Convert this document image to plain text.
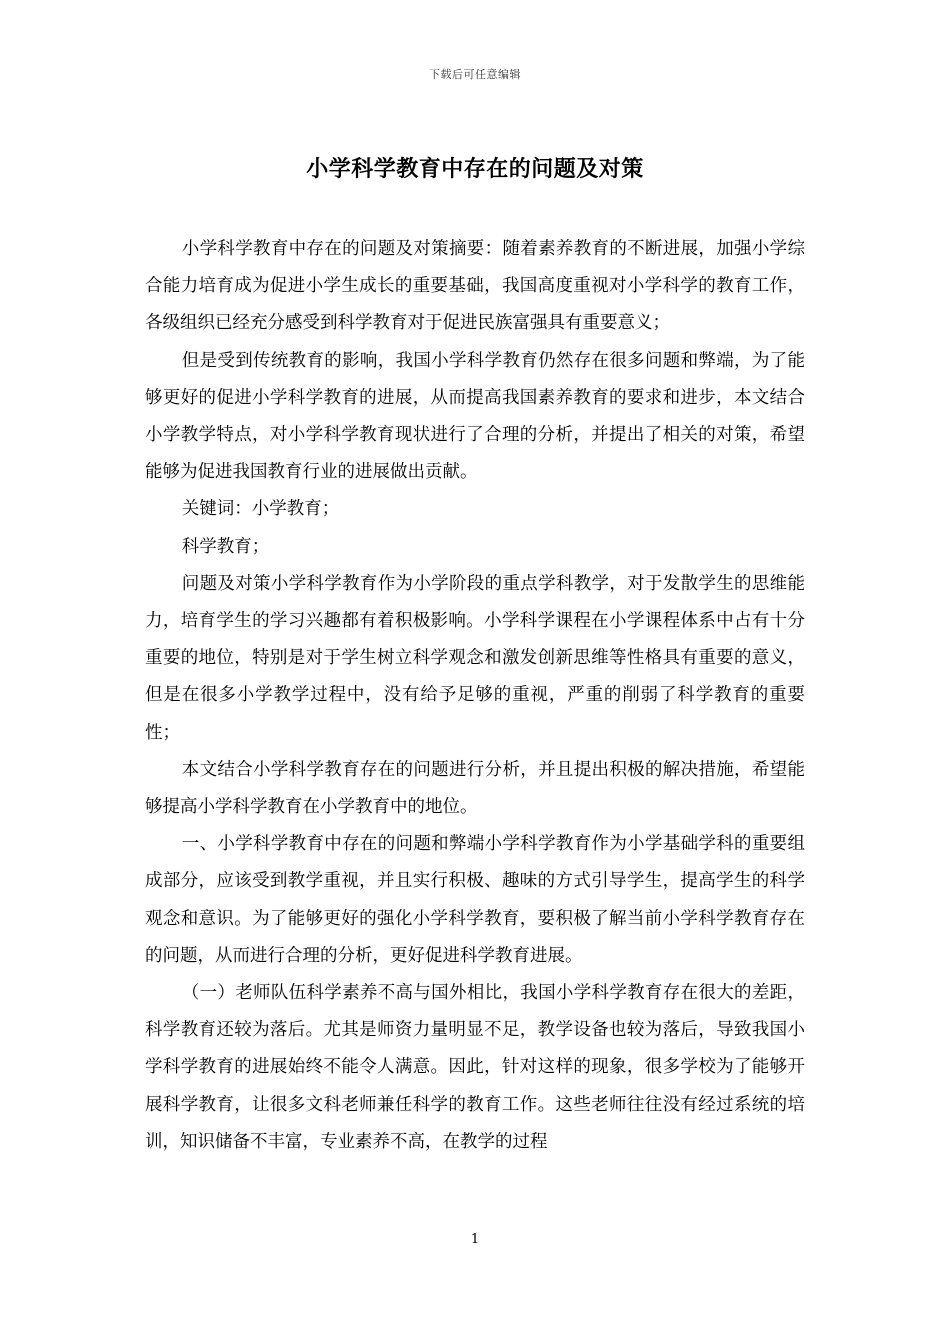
下载后可任意编辑
小学科学教育中存在的问题及对策

小学科学教育中存在的问题及对策摘要：随着素养教育的不断进展，加强小学综合能力培育成为促进小学生成长的重要基础，我国高度重视对小学科学的教育工作，各级组织已经充分感受到科学教育对于促进民族富强具有重要意义；

但是受到传统教育的影响，我国小学科学教育仍然存在很多问题和弊端，为了能够更好的促进小学科学教育的进展，从而提高我国素养教育的要求和进步，本文结合小学教学特点，对小学科学教育现状进行了合理的分析，并提出了相关的对策，希望能够为促进我国教育行业的进展做出贡献。

关键词：小学教育；

科学教育；

问题及对策小学科学教育作为小学阶段的重点学科教学，对于发散学生的思维能力，培育学生的学习兴趣都有着积极影响。小学科学课程在小学课程体系中占有十分重要的地位，特别是对于学生树立科学观念和激发创新思维等性格具有重要的意义，但是在很多小学教学过程中，没有给予足够的重视，严重的削弱了科学教育的重要性；

本文结合小学科学教育存在的问题进行分析，并且提出积极的解决措施，希望能够提高小学科学教育在小学教育中的地位。

一、小学科学教育中存在的问题和弊端小学科学教育作为小学基础学科的重要组成部分，应该受到教学重视，并且实行积极、趣味的方式引导学生，提高学生的科学观念和意识。为了能够更好的强化小学科学教育，要积极了解当前小学科学教育存在的问题，从而进行合理的分析，更好促进科学教育进展。

（一）老师队伍科学素养不高与国外相比，我国小学科学教育存在很大的差距，科学教育还较为落后。尤其是师资力量明显不足，教学设备也较为落后，导致我国小学科学教育的进展始终不能令人满意。因此，针对这样的现象，很多学校为了能够开展科学教育，让很多文科老师兼任科学的教育工作。这些老师往往没有经过系统的培训，知识储备不丰富，专业素养不高，在教学的过程

1
